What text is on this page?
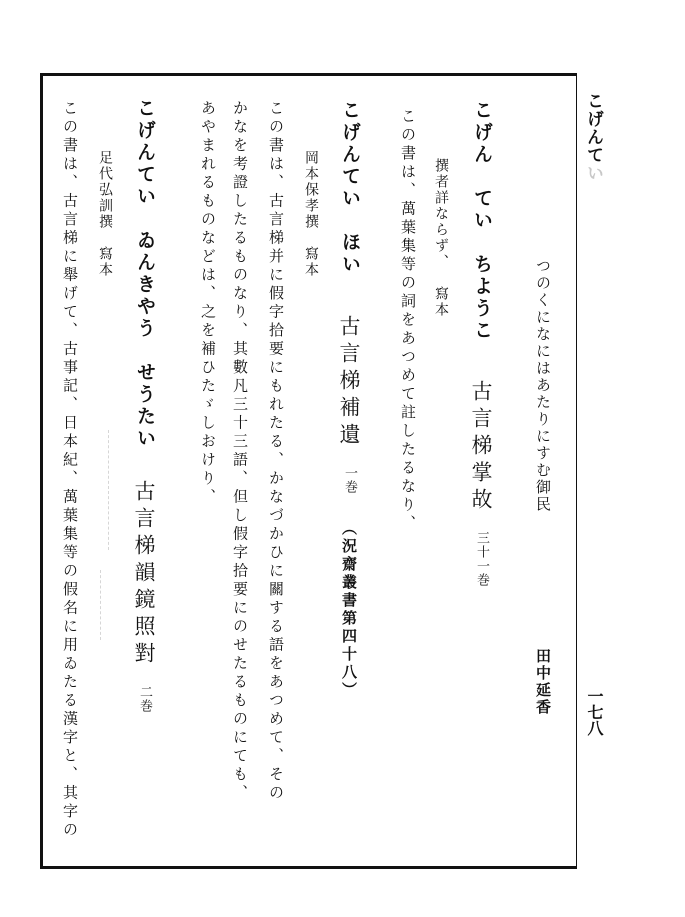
こげんてい
一七八
つのくになにはあたりにすむ御民
田中延香
こげん　てい　ちようこ
古言梯掌故三十一巻
撰者詳ならず、寫本
この書は、萬葉集等の詞をあつめて註したるなり、
こげんてい　ほい
古言梯補遺一巻（況齋叢書第四十八）
岡本保孝撰寫本
この書は、古言梯并に假字拾要にもれたる、かなづかひに關する語をあつめて、その
かなを考證したるものなり、其數凡三十三語、但し假字拾要にのせたるものにても、
あやまれるものなどは、之を補ひたゞしおけり、
こげんてい　ゐんきやう　せうたい
古言梯韻鏡照對二巻
足代弘訓撰寫本
この書は、古言梯に舉げて、古事記、日本紀、萬葉集等の假名に用ゐたる漢字と、其字の
